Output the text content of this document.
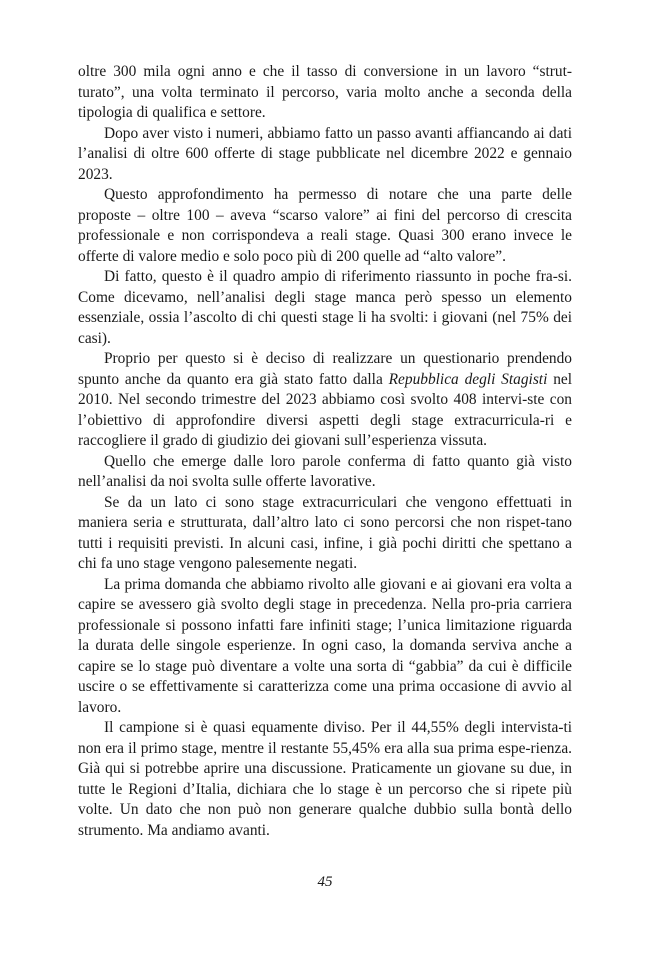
oltre 300 mila ogni anno e che il tasso di conversione in un lavoro “strut-turato”, una volta terminato il percorso, varia molto anche a seconda della tipologia di qualifica e settore.

Dopo aver visto i numeri, abbiamo fatto un passo avanti affiancando ai dati l’analisi di oltre 600 offerte di stage pubblicate nel dicembre 2022 e gennaio 2023.

Questo approfondimento ha permesso di notare che una parte delle proposte – oltre 100 – aveva “scarso valore” ai fini del percorso di crescita professionale e non corrispondeva a reali stage. Quasi 300 erano invece le offerte di valore medio e solo poco più di 200 quelle ad “alto valore”.

Di fatto, questo è il quadro ampio di riferimento riassunto in poche fra-si. Come dicevamo, nell’analisi degli stage manca però spesso un elemento essenziale, ossia l’ascolto di chi questi stage li ha svolti: i giovani (nel 75% dei casi).

Proprio per questo si è deciso di realizzare un questionario prendendo spunto anche da quanto era già stato fatto dalla Repubblica degli Stagisti nel 2010. Nel secondo trimestre del 2023 abbiamo così svolto 408 intervi-ste con l’obiettivo di approfondire diversi aspetti degli stage extracurricula-ri e raccogliere il grado di giudizio dei giovani sull’esperienza vissuta.

Quello che emerge dalle loro parole conferma di fatto quanto già visto nell’analisi da noi svolta sulle offerte lavorative.

Se da un lato ci sono stage extracurriculari che vengono effettuati in maniera seria e strutturata, dall’altro lato ci sono percorsi che non rispet-tano tutti i requisiti previsti. In alcuni casi, infine, i già pochi diritti che spettano a chi fa uno stage vengono palesemente negati.

La prima domanda che abbiamo rivolto alle giovani e ai giovani era volta a capire se avessero già svolto degli stage in precedenza. Nella pro-pria carriera professionale si possono infatti fare infiniti stage; l’unica limitazione riguarda la durata delle singole esperienze. In ogni caso, la domanda serviva anche a capire se lo stage può diventare a volte una sorta di “gabbia” da cui è difficile uscire o se effettivamente si caratterizza come una prima occasione di avvio al lavoro.

Il campione si è quasi equamente diviso. Per il 44,55% degli intervista-ti non era il primo stage, mentre il restante 55,45% era alla sua prima espe-rienza. Già qui si potrebbe aprire una discussione. Praticamente un giovane su due, in tutte le Regioni d’Italia, dichiara che lo stage è un percorso che si ripete più volte. Un dato che non può non generare qualche dubbio sulla bontà dello strumento. Ma andiamo avanti.

45
